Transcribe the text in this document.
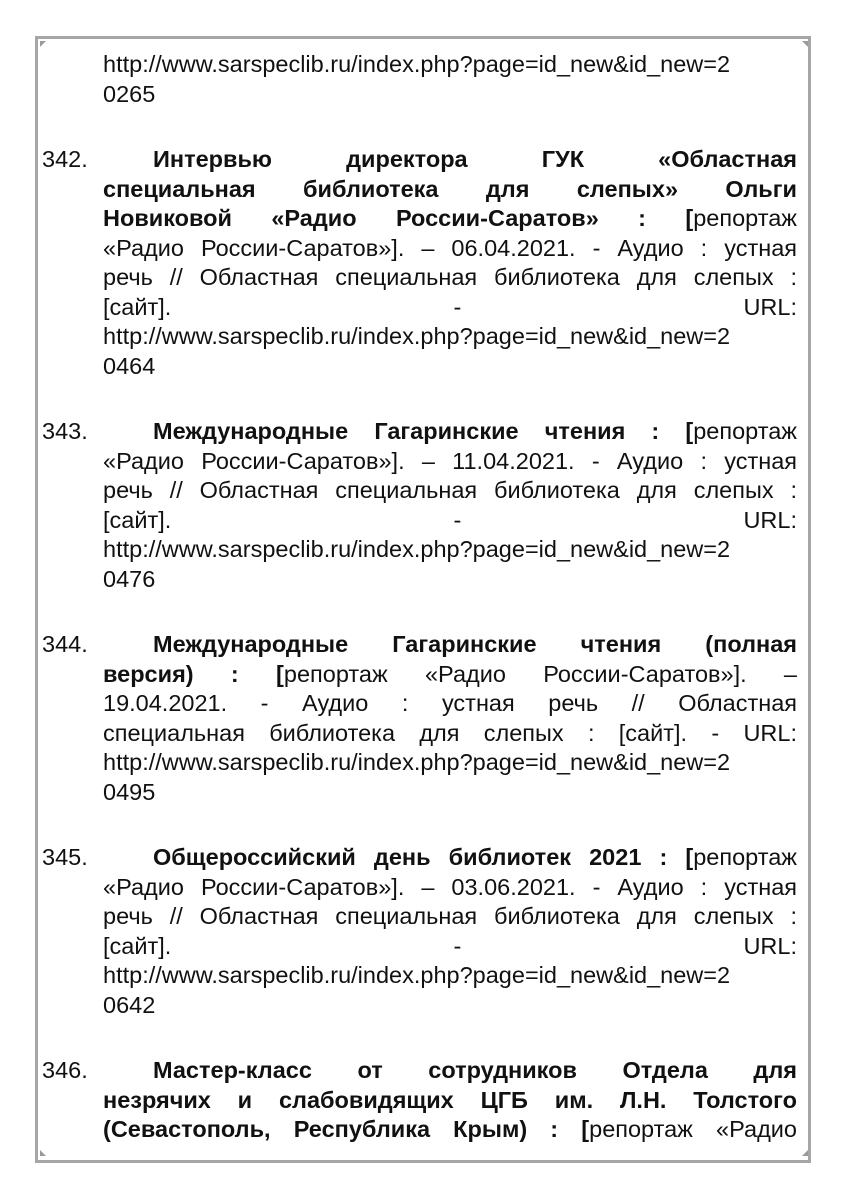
http://www.sarspeclib.ru/index.php?page=id_new&id_new=2
0265
342.	Интервью директора ГУК «Областная
специальная библиотека для слепых» Ольги
Новиковой «Радио России-Саратов» : [репортаж
«Радио России-Саратов»]. – 06.04.2021. - Аудио : устная
речь // Областная специальная библиотека для слепых :
[сайт]. - URL:
http://www.sarspeclib.ru/index.php?page=id_new&id_new=2
0464
343.	Международные Гагаринские чтения : [репортаж
«Радио России-Саратов»]. – 11.04.2021. - Аудио : устная
речь // Областная специальная библиотека для слепых :
[сайт]. - URL:
http://www.sarspeclib.ru/index.php?page=id_new&id_new=2
0476
344.	Международные Гагаринские чтения (полная
версия) : [репортаж «Радио России-Саратов»]. –
19.04.2021. - Аудио : устная речь // Областная
специальная библиотека для слепых : [сайт]. - URL:
http://www.sarspeclib.ru/index.php?page=id_new&id_new=2
0495
345.	Общероссийский день библиотек 2021 : [репортаж
«Радио России-Саратов»]. – 03.06.2021. - Аудио : устная
речь // Областная специальная библиотека для слепых :
[сайт]. - URL:
http://www.sarspeclib.ru/index.php?page=id_new&id_new=2
0642
346.	Мастер-класс от сотрудников Отдела для
незрячих и слабовидящих ЦГБ им. Л.Н. Толстого
(Севастополь, Республика Крым) : [репортаж «Радио
